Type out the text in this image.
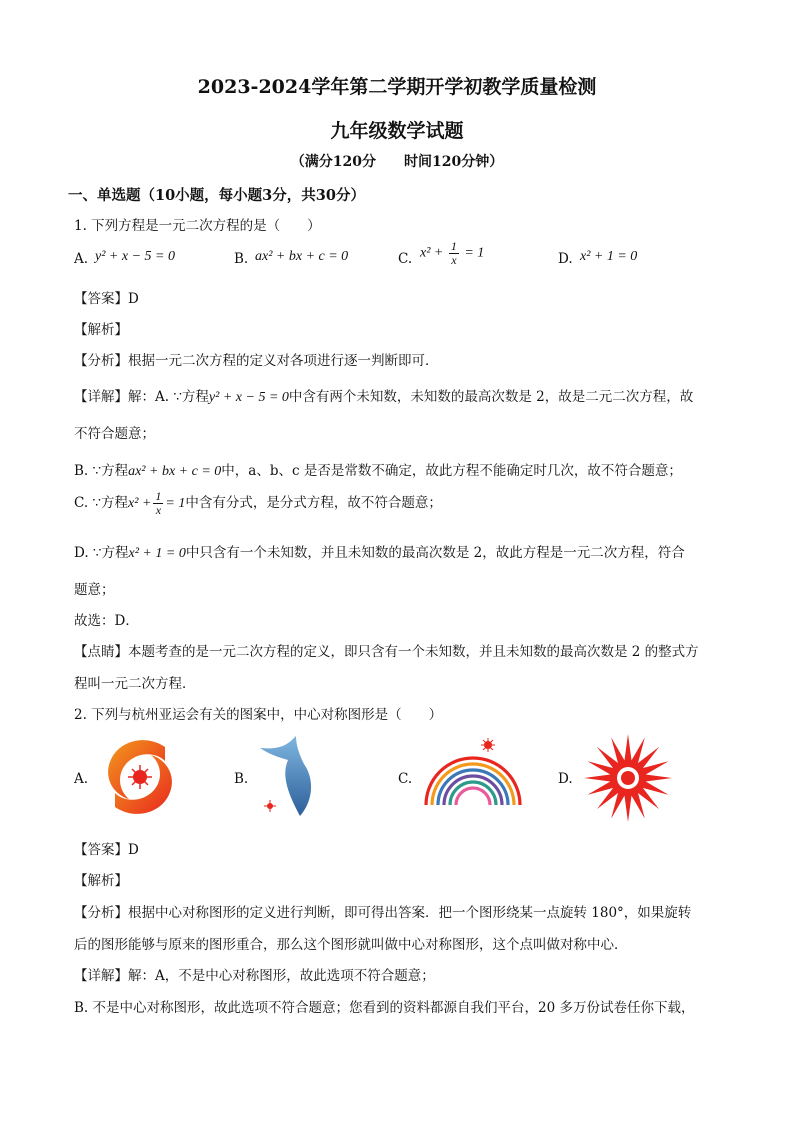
2023-2024学年第二学期开学初教学质量检测
九年级数学试题
（满分120分　　时间120分钟）
一、单选题（10小题，每小题3分，共30分）
1. 下列方程是一元二次方程的是（　　）
A. y² + x − 5 = 0	B. ax² + bx + c = 0	C. $x^2 + \frac{1}{x} = 1$	D. x² + 1 = 0
【答案】D
【解析】
【分析】根据一元二次方程的定义对各项进行逐一判断即可．
【详解】解：A. ∵方程y² + x − 5 = 0中含有两个未知数，未知数的最高次数是 2，故是二元二次方程，故
不符合题意；
B. ∵方程ax² + bx + c = 0中，a、b、c 是否是常数不确定，故此方程不能确定时几次，故不符合题意；
C. ∵方程$x^2 + \frac{1}{x} = 1$中含有分式，是分式方程，故不符合题意；
D. ∵方程x² + 1 = 0中只含有一个未知数，并且未知数的最高次数是 2，故此方程是一元二次方程，符合
题意；
故选：D．
【点睛】本题考查的是一元二次方程的定义，即只含有一个未知数，并且未知数的最高次数是 2 的整式方
程叫一元二次方程．
2. 下列与杭州亚运会有关的图案中，中心对称图形是（　　）
A.	B.	C.	D.
【答案】D
【解析】
【分析】根据中心对称图形的定义进行判断，即可得出答案．把一个图形绕某一点旋转 180°，如果旋转
后的图形能够与原来的图形重合，那么这个图形就叫做中心对称图形，这个点叫做对称中心．
【详解】解：A，不是中心对称图形，故此选项不符合题意；
B. 不是中心对称图形，故此选项不符合题意；您看到的资料都源自我们平台，20 多万份试卷任你下载，
